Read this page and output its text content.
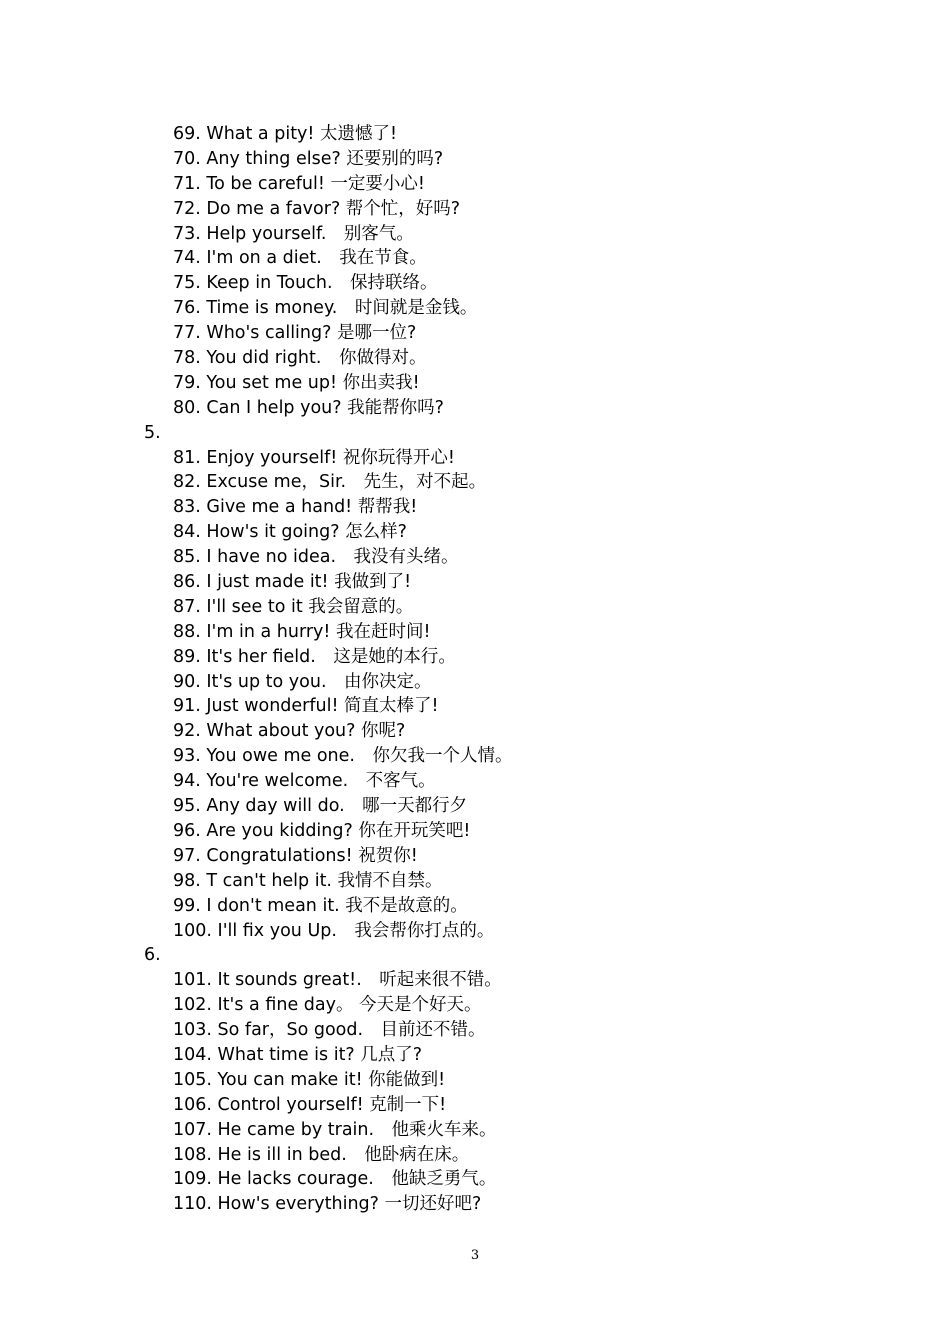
69. What a pity! 太遗憾了!
70. Any thing else? 还要别的吗?
71. To be careful! 一定要小心!
72. Do me a favor? 帮个忙，好吗?
73. Help yourself.　别客气。
74. I'm on a diet.　我在节食。
75. Keep in Touch.　保持联络。
76. Time is money.　时间就是金钱。
77. Who's calling? 是哪一位?
78. You did right.　你做得对。
79. You set me up! 你出卖我!
80. Can I help you? 我能帮你吗?
5.
81. Enjoy yourself! 祝你玩得开心!
82. Excuse me，Sir.　先生，对不起。
83. Give me a hand! 帮帮我!
84. How's it going? 怎么样?
85. I have no idea.　我没有头绪。
86. I just made it! 我做到了!
87. I'll see to it 我会留意的。
88. I'm in a hurry! 我在赶时间!
89. It's her field.　这是她的本行。
90. It's up to you.　由你决定。
91. Just wonderful! 简直太棒了!
92. What about you? 你呢?
93. You owe me one.　你欠我一个人情。
94. You're welcome.　不客气。
95. Any day will do.　哪一天都行夕
96. Are you kidding? 你在开玩笑吧!
97. Congratulations! 祝贺你!
98. T can't help it. 我情不自禁。
99. I don't mean it. 我不是故意的。
100. I'll fix you Up.　我会帮你打点的。
6.
101. It sounds great!.　听起来很不错。
102. It's a fine day。 今天是个好天。
103. So far，So good.　目前还不错。
104. What time is it? 几点了?
105. You can make it! 你能做到!
106. Control yourself! 克制一下!
107. He came by train.　他乘火车来。
108. He is ill in bed.　他卧病在床。
109. He lacks courage.　他缺乏勇气。
110. How's everything? 一切还好吧?
3
